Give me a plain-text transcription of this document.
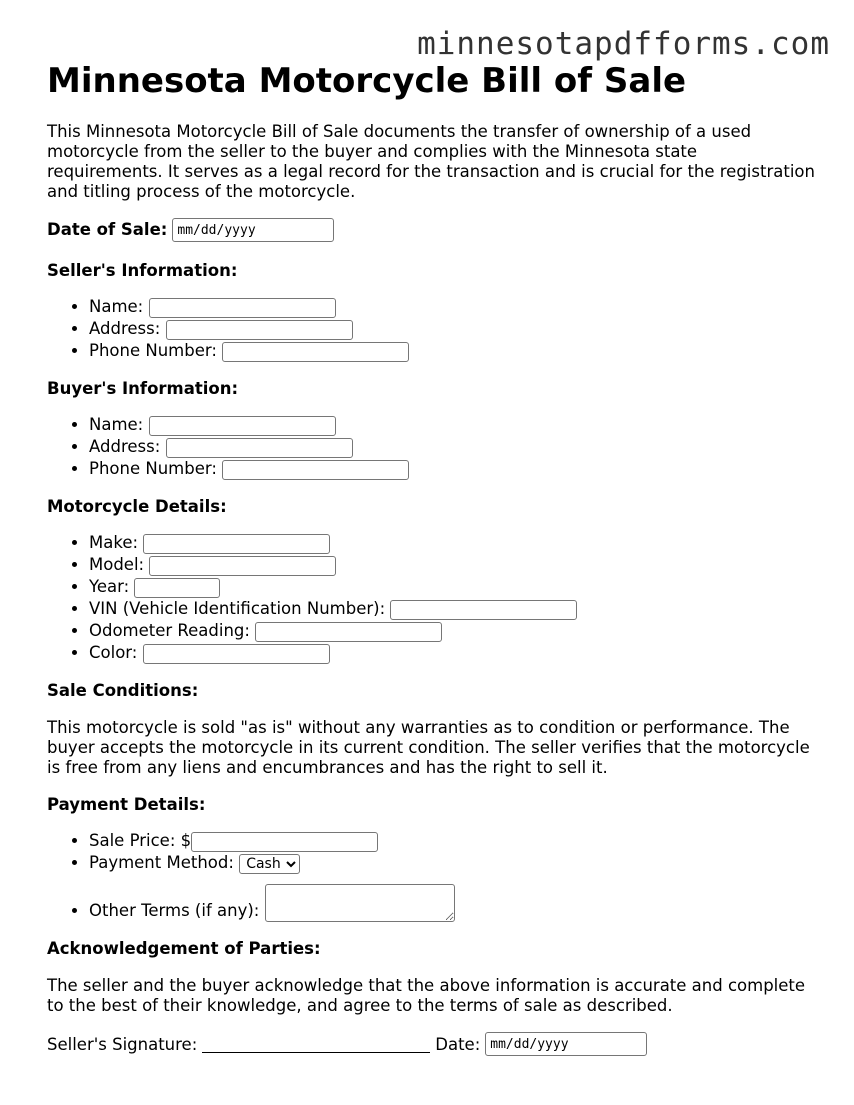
minnesotapdfforms.com
Minnesota Motorcycle Bill of Sale

This Minnesota Motorcycle Bill of Sale documents the transfer of ownership of a used motorcycle from the seller to the buyer and complies with the Minnesota state requirements. It serves as a legal record for the transaction and is crucial for the registration and titling process of the motorcycle.

Date of Sale: mm/dd/yyyy
Seller's Information:
• Name:
• Address:
• Phone Number:
Buyer's Information:
• Name:
• Address:
• Phone Number:
Motorcycle Details:
• Make:
• Model:
• Year:
• VIN (Vehicle Identification Number):
• Odometer Reading:
• Color:
Sale Conditions:

This motorcycle is sold "as is" without any warranties as to condition or performance. The buyer accepts the motorcycle in its current condition. The seller verifies that the motorcycle is free from any liens and encumbrances and has the right to sell it.

Payment Details:
• Sale Price: $
• Payment Method:
Cash
• Other Terms (if any):
Acknowledgement of Parties:

The seller and the buyer acknowledge that the above information is accurate and complete to the best of their knowledge, and agree to the terms of sale as described.

Seller's Signature:	Date: mm/dd/yyyy
